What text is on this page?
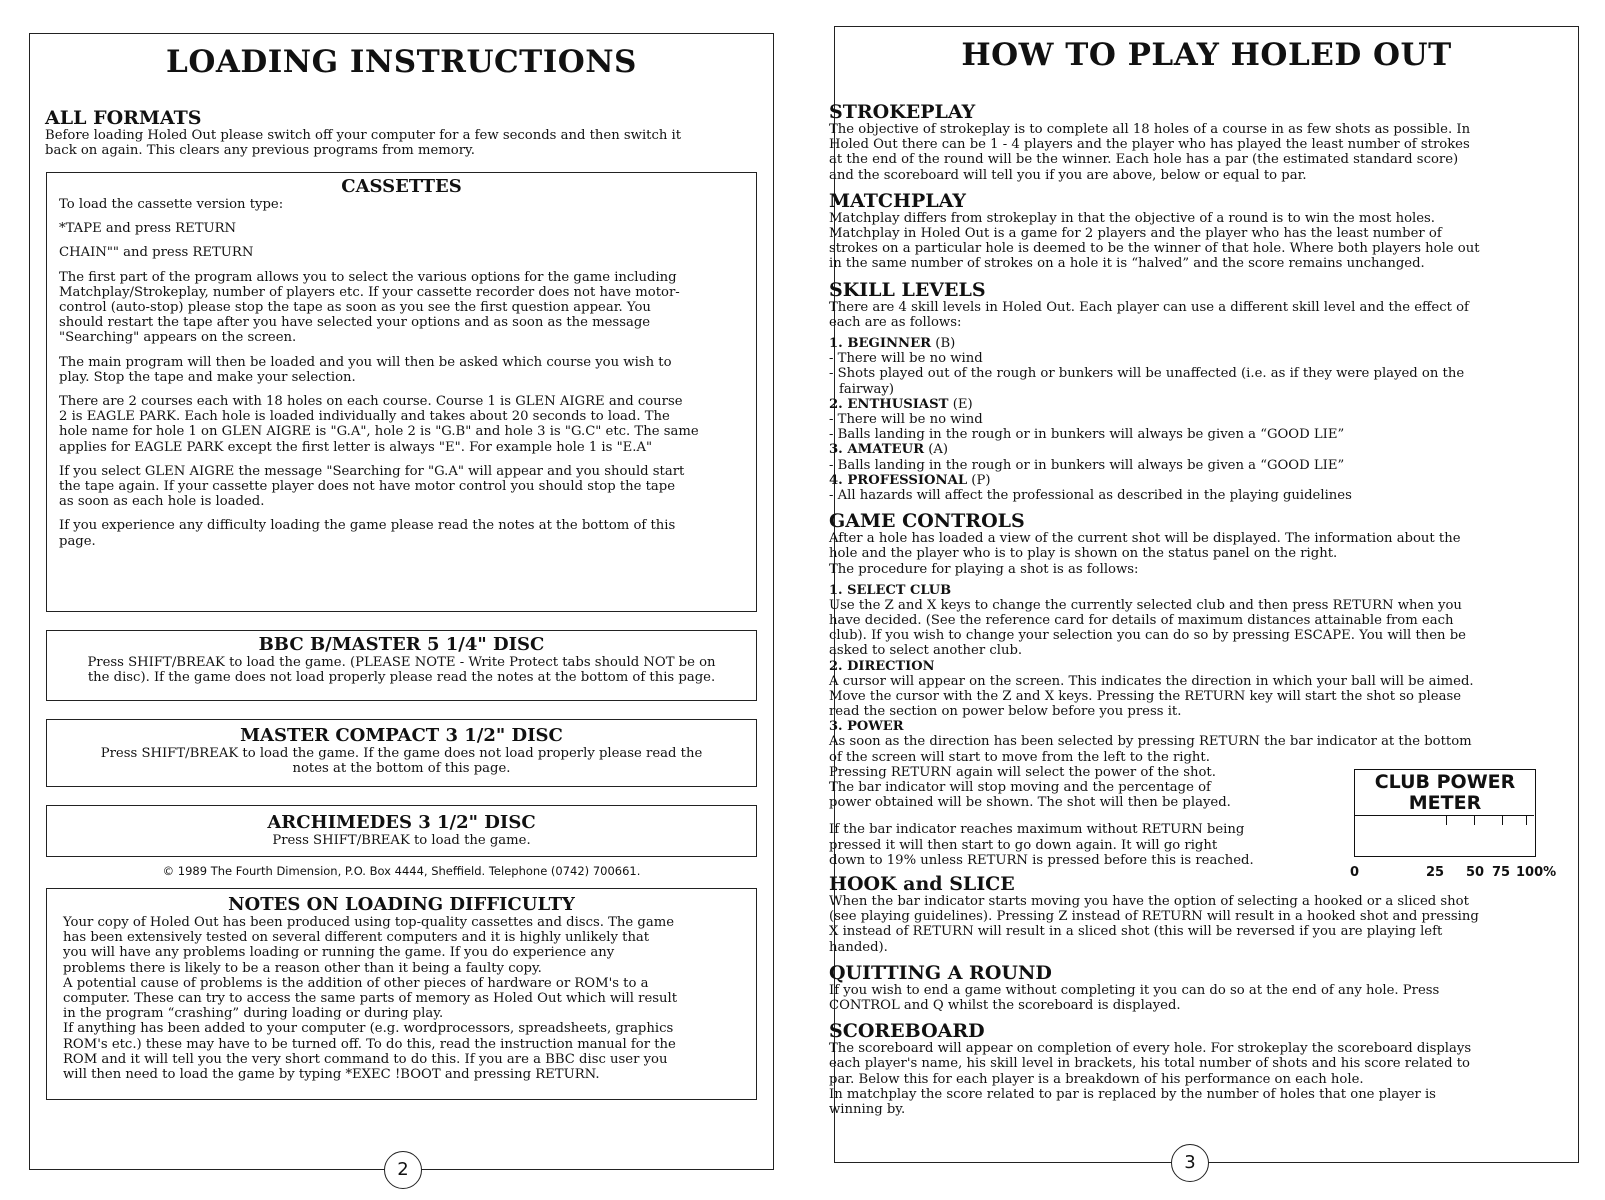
LOADING INSTRUCTIONS
ALL FORMATS
Before loading Holed Out please switch off your computer for a few seconds and then switch it
back on again. This clears any previous programs from memory.
CASSETTES
To load the cassette version type:
*TAPE and press RETURN
CHAIN"" and press RETURN
The first part of the program allows you to select the various options for the game including
Matchplay/Strokeplay, number of players etc. If your cassette recorder does not have motor-
control (auto-stop) please stop the tape as soon as you see the first question appear. You
should restart the tape after you have selected your options and as soon as the message
"Searching" appears on the screen.
The main program will then be loaded and you will then be asked which course you wish to
play. Stop the tape and make your selection.
There are 2 courses each with 18 holes on each course. Course 1 is GLEN AIGRE and course
2 is EAGLE PARK. Each hole is loaded individually and takes about 20 seconds to load. The
hole name for hole 1 on GLEN AIGRE is "G.A", hole 2 is "G.B" and hole 3 is "G.C" etc. The same
applies for EAGLE PARK except the first letter is always "E". For example hole 1 is "E.A"
If you select GLEN AIGRE the message "Searching for "G.A" will appear and you should start
the tape again. If your cassette player does not have motor control you should stop the tape
as soon as each hole is loaded.
If you experience any difficulty loading the game please read the notes at the bottom of this
page.
BBC B/MASTER 5 1/4" DISC
Press SHIFT/BREAK to load the game. (PLEASE NOTE - Write Protect tabs should NOT be on
the disc). If the game does not load properly please read the notes at the bottom of this page.
MASTER COMPACT 3 1/2" DISC
Press SHIFT/BREAK to load the game. If the game does not load properly please read the
notes at the bottom of this page.
ARCHIMEDES 3 1/2" DISC
Press SHIFT/BREAK to load the game.
© 1989 The Fourth Dimension, P.O. Box 4444, Sheffield. Telephone (0742) 700661.
NOTES ON LOADING DIFFICULTY
Your copy of Holed Out has been produced using top-quality cassettes and discs. The game
has been extensively tested on several different computers and it is highly unlikely that
you will have any problems loading or running the game. If you do experience any
problems there is likely to be a reason other than it being a faulty copy.
A potential cause of problems is the addition of other pieces of hardware or ROM's to a
computer. These can try to access the same parts of memory as Holed Out which will result
in the program “crashing” during loading or during play.
If anything has been added to your computer (e.g. wordprocessors, spreadsheets, graphics
ROM's etc.) these may have to be turned off. To do this, read the instruction manual for the
ROM and it will tell you the very short command to do this. If you are a BBC disc user you
will then need to load the game by typing *EXEC !BOOT and pressing RETURN.
2
HOW TO PLAY HOLED OUT
STROKEPLAY
The objective of strokeplay is to complete all 18 holes of a course in as few shots as possible. In
Holed Out there can be 1 - 4 players and the player who has played the least number of strokes
at the end of the round will be the winner. Each hole has a par (the estimated standard score)
and the scoreboard will tell you if you are above, below or equal to par.
MATCHPLAY
Matchplay differs from strokeplay in that the objective of a round is to win the most holes.
Matchplay in Holed Out is a game for 2 players and the player who has the least number of
strokes on a particular hole is deemed to be the winner of that hole. Where both players hole out
in the same number of strokes on a hole it is “halved” and the score remains unchanged.
SKILL LEVELS
There are 4 skill levels in Holed Out. Each player can use a different skill level and the effect of
each are as follows:
1. BEGINNER (B)
- There will be no wind
- Shots played out of the rough or bunkers will be unaffected (i.e. as if they were played on the
fairway)
2. ENTHUSIAST (E)
- There will be no wind
- Balls landing in the rough or in bunkers will always be given a “GOOD LIE”
3. AMATEUR (A)
- Balls landing in the rough or in bunkers will always be given a “GOOD LIE”
4. PROFESSIONAL (P)
- All hazards will affect the professional as described in the playing guidelines
GAME CONTROLS
After a hole has loaded a view of the current shot will be displayed. The information about the
hole and the player who is to play is shown on the status panel on the right.
The procedure for playing a shot is as follows:
1. SELECT CLUB
Use the Z and X keys to change the currently selected club and then press RETURN when you
have decided. (See the reference card for details of maximum distances attainable from each
club). If you wish to change your selection you can do so by pressing ESCAPE. You will then be
asked to select another club.
2. DIRECTION
A cursor will appear on the screen. This indicates the direction in which your ball will be aimed.
Move the cursor with the Z and X keys. Pressing the RETURN key will start the shot so please
read the section on power below before you press it.
3. POWER
As soon as the direction has been selected by pressing RETURN the bar indicator at the bottom
of the screen will start to move from the left to the right.
Pressing RETURN again will select the power of the shot.
The bar indicator will stop moving and the percentage of
power obtained will be shown. The shot will then be played.
If the bar indicator reaches maximum without RETURN being
pressed it will then start to go down again. It will go right
down to 19% unless RETURN is pressed before this is reached.
HOOK and SLICE
When the bar indicator starts moving you have the option of selecting a hooked or a sliced shot
(see playing guidelines). Pressing Z instead of RETURN will result in a hooked shot and pressing
X instead of RETURN will result in a sliced shot (this will be reversed if you are playing left
handed).
QUITTING A ROUND
If you wish to end a game without completing it you can do so at the end of any hole. Press
CONTROL and Q whilst the scoreboard is displayed.
SCOREBOARD
The scoreboard will appear on completion of every hole. For strokeplay the scoreboard displays
each player's name, his skill level in brackets, his total number of shots and his score related to
par. Below this for each player is a breakdown of his performance on each hole.
In matchplay the score related to par is replaced by the number of holes that one player is
winning by.
CLUB POWER
METER
0	25 50 75 100%
3
